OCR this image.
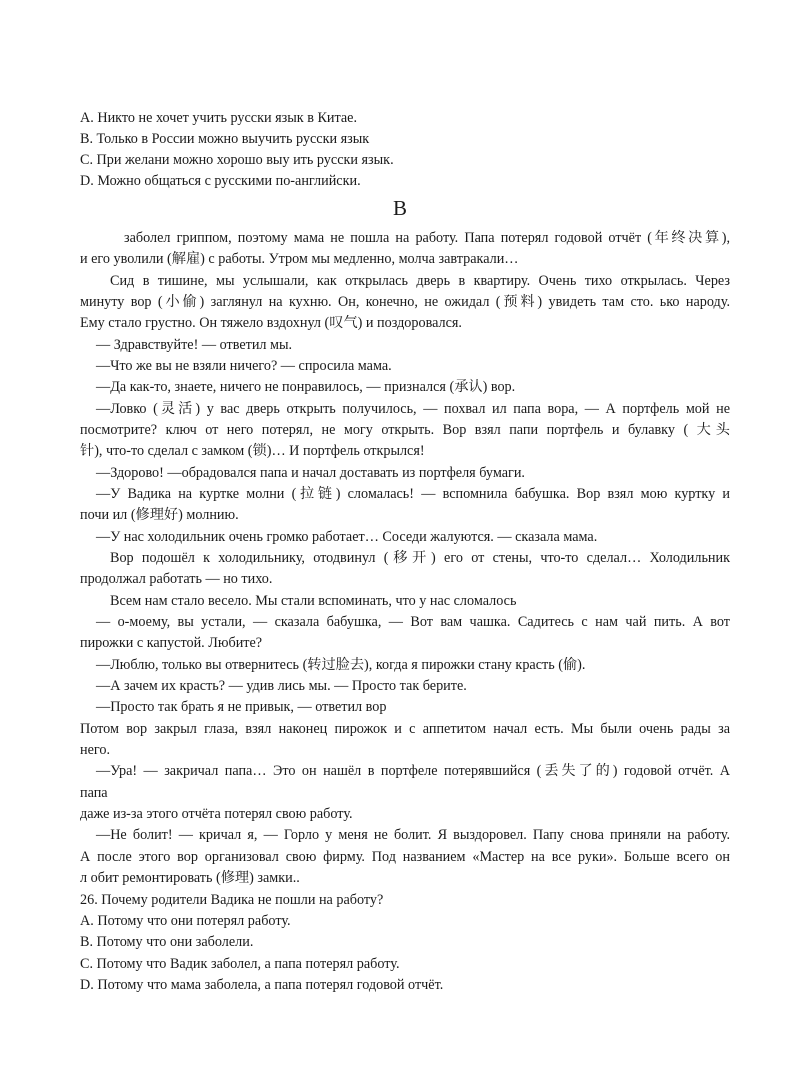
A. Никто не хочет учить русски язык в Китае.
B. Только в России можно выучить русски язык
C. При желани можно хорошо выу ить русски язык.
D. Можно общаться с русскими по-английски.
B
заболел гриппом, поэтому мама не пошла на работу. Папа потерял годовой отчёт (年终决算),
и его уволили (解雇) с работы. Утром мы медленно, молча завтракали…
Сид в тишине, мы услышали, как открылась дверь в квартиру. Очень тихо открылась. Через
минуту вор (小偷) заглянул на кухню. Он, конечно, не ожидал (预料) увидеть там сто. ько народу.
Ему стало грустно. Он тяжело вздохнул (叹气) и поздоровался.
— Здравствуйте! — ответил мы.
—Что же вы не взяли ничего? — спросила мама.
—Да как-то, знаете, ничего не понравилось, — признался (承认) вор.
—Ловко (灵活) у вас дверь открыть получилось, — похвал ил папа вора, — А портфель мой не
посмотрите? ключ от него потерял, не могу открыть. Вор взял папи портфель и булавку ( 大头
针), что-то сделал с замком (锁)… И портфель открылся!
—Здорово! —обрадовался папа и начал доставать из портфеля бумаги.
—У Вадика на куртке молни (拉链) сломалась! — вспомнила бабушка. Вор взял мою куртку и
почи ил (修理好) молнию.
—У нас холодильник очень громко работает… Соседи жалуются. — сказала мама.
Вор подошёл к холодильнику, отодвинул (移开) его от стены, что-то сделал… Холодильник
продолжал работать — но тихо.
Всем нам стало весело. Мы стали вспоминать, что у нас сломалось
— о-моему, вы устали, — сказала бабушка, — Вот вам чашка. Садитесь с нам чай пить. А вот
пирожки с капустой. Любите?
—Люблю, только вы отвернитесь (转过脸去), когда я пирожки стану красть (偷).
—А зачем их красть? — удив лись мы. — Просто так берите.
—Просто так брать я не привык, — ответил вор
Потом вор закрыл глаза, взял наконец пирожок и с аппетитом начал есть. Мы были очень рады за
него.
—Ура! — закричал папа… Это он нашёл в портфеле потерявшийся (丢失了的) годовой отчёт. А
папа
даже из-за этого отчёта потерял свою работу.
—Не болит! — кричал я, — Горло у меня не болит. Я выздоровел. Папу снова приняли на работу.
А после этого вор организовал свою фирму. Под названием «Мастер на все руки». Больше всего он
л обит ремонтировать (修理) замки..
26. Почему родители Вадика не пошли на работу?
A. Потому что они потерял работу.
B. Потому что они заболели.
C. Потому что Вадик заболел, а папа потерял работу.
D. Потому что мама заболела, а папа потерял годовой отчёт.
